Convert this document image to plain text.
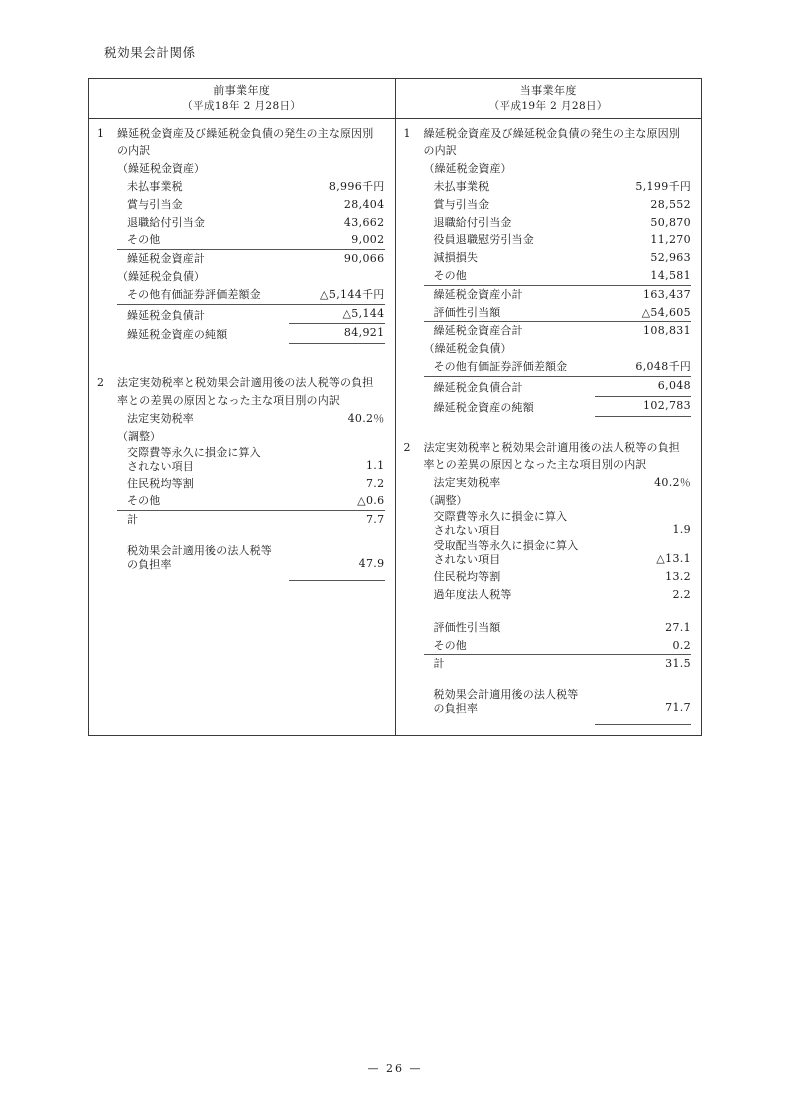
税効果会計関係
前事業年度
（平成18年 2 月28日）
当事業年度
（平成19年 2 月28日）
1	繰延税金資産及び繰延税金負債の発生の主な原因別
の内訳
（繰延税金資産）
未払事業税	8,996千円
賞与引当金	28,404
退職給付引当金	43,662
その他	9,002
繰延税金資産計	90,066
（繰延税金負債）
その他有価証券評価差額金	△5,144千円
繰延税金負債計	△5,144
繰延税金資産の純額	84,921
2	法定実効税率と税効果会計適用後の法人税等の負担
率との差異の原因となった主な項目別の内訳
法定実効税率	40.2％
（調整）
交際費等永久に損金に算入
されない項目	1.1
住民税均等割	7.2
その他	△0.6
計	7.7
税効果会計適用後の法人税等
の負担率	47.9
1	繰延税金資産及び繰延税金負債の発生の主な原因別
の内訳
（繰延税金資産）
未払事業税	5,199千円
賞与引当金	28,552
退職給付引当金	50,870
役員退職慰労引当金	11,270
減損損失	52,963
その他	14,581
繰延税金資産小計	163,437
評価性引当額	△54,605
繰延税金資産合計	108,831
（繰延税金負債）
その他有価証券評価差額金	6,048千円
繰延税金負債合計	6,048
繰延税金資産の純額	102,783
2	法定実効税率と税効果会計適用後の法人税等の負担
率との差異の原因となった主な項目別の内訳
法定実効税率	40.2％
（調整）
交際費等永久に損金に算入
されない項目	1.9
受取配当等永久に損金に算入
されない項目	△13.1
住民税均等割	13.2
過年度法人税等	2.2
評価性引当額	27.1
その他	0.2
計	31.5
税効果会計適用後の法人税等
の負担率	71.7
— 26 —
